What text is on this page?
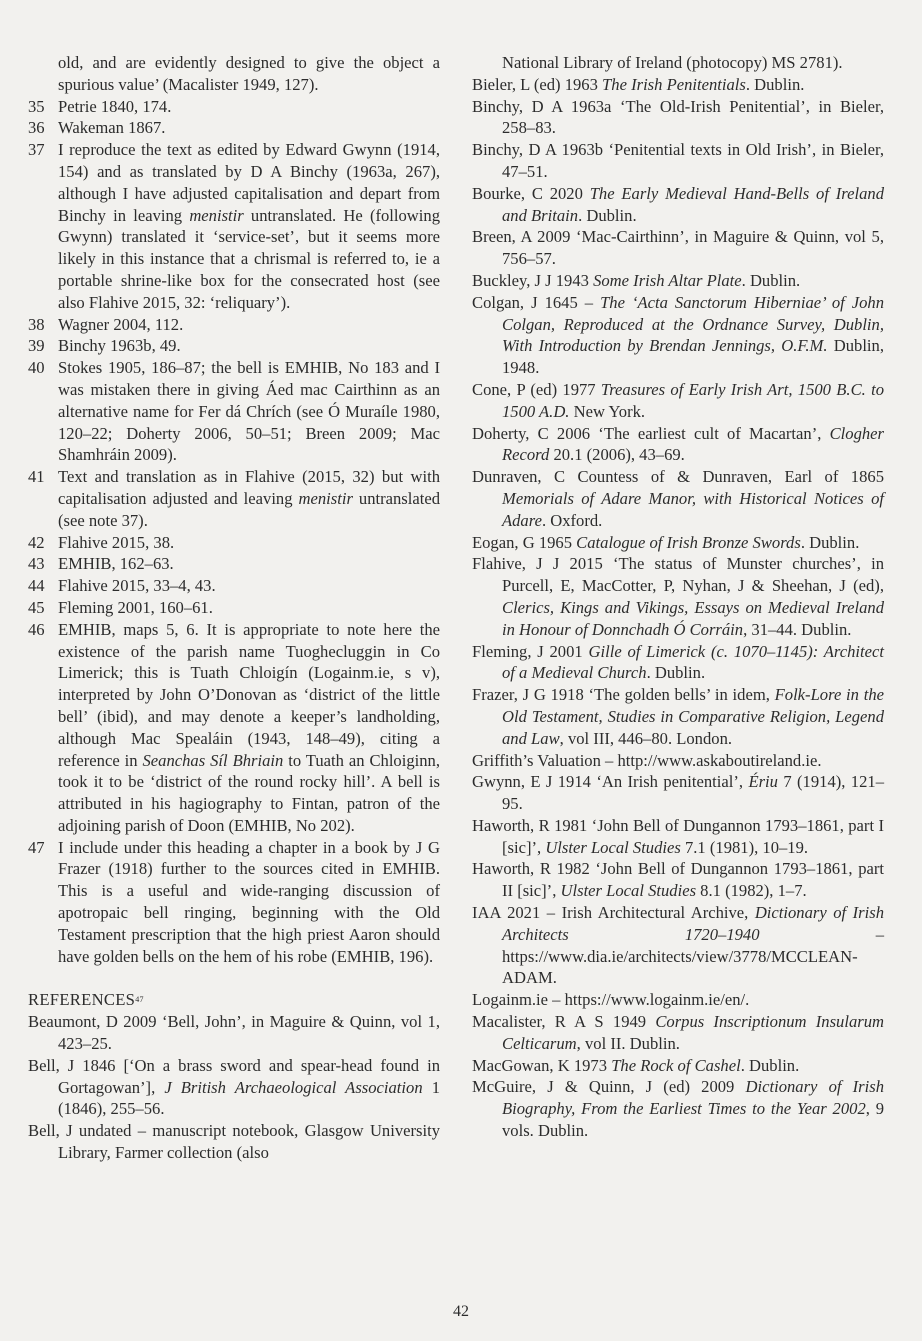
old, and are evidently designed to give the object a spurious value’ (Macalister 1949, 127).
35 Petrie 1840, 174.
36 Wakeman 1867.
37 I reproduce the text as edited by Edward Gwynn (1914, 154) and as translated by D A Binchy (1963a, 267), although I have adjusted capitalisation and depart from Binchy in leaving menistir untranslated. He (following Gwynn) translated it ‘service-set’, but it seems more likely in this instance that a chrismal is referred to, ie a portable shrine-like box for the consecrated host (see also Flahive 2015, 32: ‘reliquary’).
38 Wagner 2004, 112.
39 Binchy 1963b, 49.
40 Stokes 1905, 186–87; the bell is EMHIB, No 183 and I was mistaken there in giving Áed mac Cairthinn as an alternative name for Fer dá Chrích (see Ó Muraíle 1980, 120–22; Doherty 2006, 50–51; Breen 2009; Mac Shamhráin 2009).
41 Text and translation as in Flahive (2015, 32) but with capitalisation adjusted and leaving menistir untranslated (see note 37).
42 Flahive 2015, 38.
43 EMHIB, 162–63.
44 Flahive 2015, 33–4, 43.
45 Fleming 2001, 160–61.
46 EMHIB, maps 5, 6. It is appropriate to note here the existence of the parish name Tuoghecluggin in Co Limerick; this is Tuath Chloigín (Logainm.ie, s v), interpreted by John O’Donovan as ‘district of the little bell’ (ibid), and may denote a keeper’s landholding, although Mac Spealáin (1943, 148–49), citing a reference in Seanchas Síl Bhriain to Tuath an Chloiginn, took it to be ‘district of the round rocky hill’. A bell is attributed in his hagiography to Fintan, patron of the adjoining parish of Doon (EMHIB, No 202).
47 I include under this heading a chapter in a book by J G Frazer (1918) further to the sources cited in EMHIB. This is a useful and wide-ranging discussion of apotropaic bell ringing, beginning with the Old Testament prescription that the high priest Aaron should have golden bells on the hem of his robe (EMHIB, 196).
REFERENCES$^{47}$
Beaumont, D 2009 ‘Bell, John’, in Maguire & Quinn, vol 1, 423–25.
Bell, J 1846 [‘On a brass sword and spear-head found in Gortagowan’], J British Archaeological Association 1 (1846), 255–56.
Bell, J undated – manuscript notebook, Glasgow University Library, Farmer collection (also
National Library of Ireland (photocopy) MS 2781).
Bieler, L (ed) 1963 The Irish Penitentials. Dublin.
Binchy, D A 1963a ‘The Old-Irish Penitential’, in Bieler, 258–83.
Binchy, D A 1963b ‘Penitential texts in Old Irish’, in Bieler, 47–51.
Bourke, C 2020 The Early Medieval Hand-Bells of Ireland and Britain. Dublin.
Breen, A 2009 ‘Mac-Cairthinn’, in Maguire & Quinn, vol 5, 756–57.
Buckley, J J 1943 Some Irish Altar Plate. Dublin.
Colgan, J 1645 – The ‘Acta Sanctorum Hiberniae’ of John Colgan, Reproduced at the Ordnance Survey, Dublin, With Introduction by Brendan Jennings, O.F.M. Dublin, 1948.
Cone, P (ed) 1977 Treasures of Early Irish Art, 1500 B.C. to 1500 A.D. New York.
Doherty, C 2006 ‘The earliest cult of Macartan’, Clogher Record 20.1 (2006), 43–69.
Dunraven, C Countess of & Dunraven, Earl of 1865 Memorials of Adare Manor, with Historical Notices of Adare. Oxford.
Eogan, G 1965 Catalogue of Irish Bronze Swords. Dublin.
Flahive, J J 2015 ‘The status of Munster churches’, in Purcell, E, MacCotter, P, Nyhan, J & Sheehan, J (ed), Clerics, Kings and Vikings, Essays on Medieval Ireland in Honour of Donnchadh Ó Corráin, 31–44. Dublin.
Fleming, J 2001 Gille of Limerick (c. 1070–1145): Architect of a Medieval Church. Dublin.
Frazer, J G 1918 ‘The golden bells’ in idem, Folk-Lore in the Old Testament, Studies in Comparative Religion, Legend and Law, vol III, 446–80. London.
Griffith’s Valuation – http://www.askaboutireland.ie.
Gwynn, E J 1914 ‘An Irish penitential’, Ériu 7 (1914), 121–95.
Haworth, R 1981 ‘John Bell of Dungannon 1793–1861, part I [sic]’, Ulster Local Studies 7.1 (1981), 10–19.
Haworth, R 1982 ‘John Bell of Dungannon 1793–1861, part II [sic]’, Ulster Local Studies 8.1 (1982), 1–7.
IAA 2021 – Irish Architectural Archive, Dictionary of Irish Architects 1720–1940 – https://www.dia.ie/architects/view/3778/MCCLEAN-ADAM.
Logainm.ie – https://www.logainm.ie/en/.
Macalister, R A S 1949 Corpus Inscriptionum Insularum Celticarum, vol II. Dublin.
MacGowan, K 1973 The Rock of Cashel. Dublin.
McGuire, J & Quinn, J (ed) 2009 Dictionary of Irish Biography, From the Earliest Times to the Year 2002, 9 vols. Dublin.
42
